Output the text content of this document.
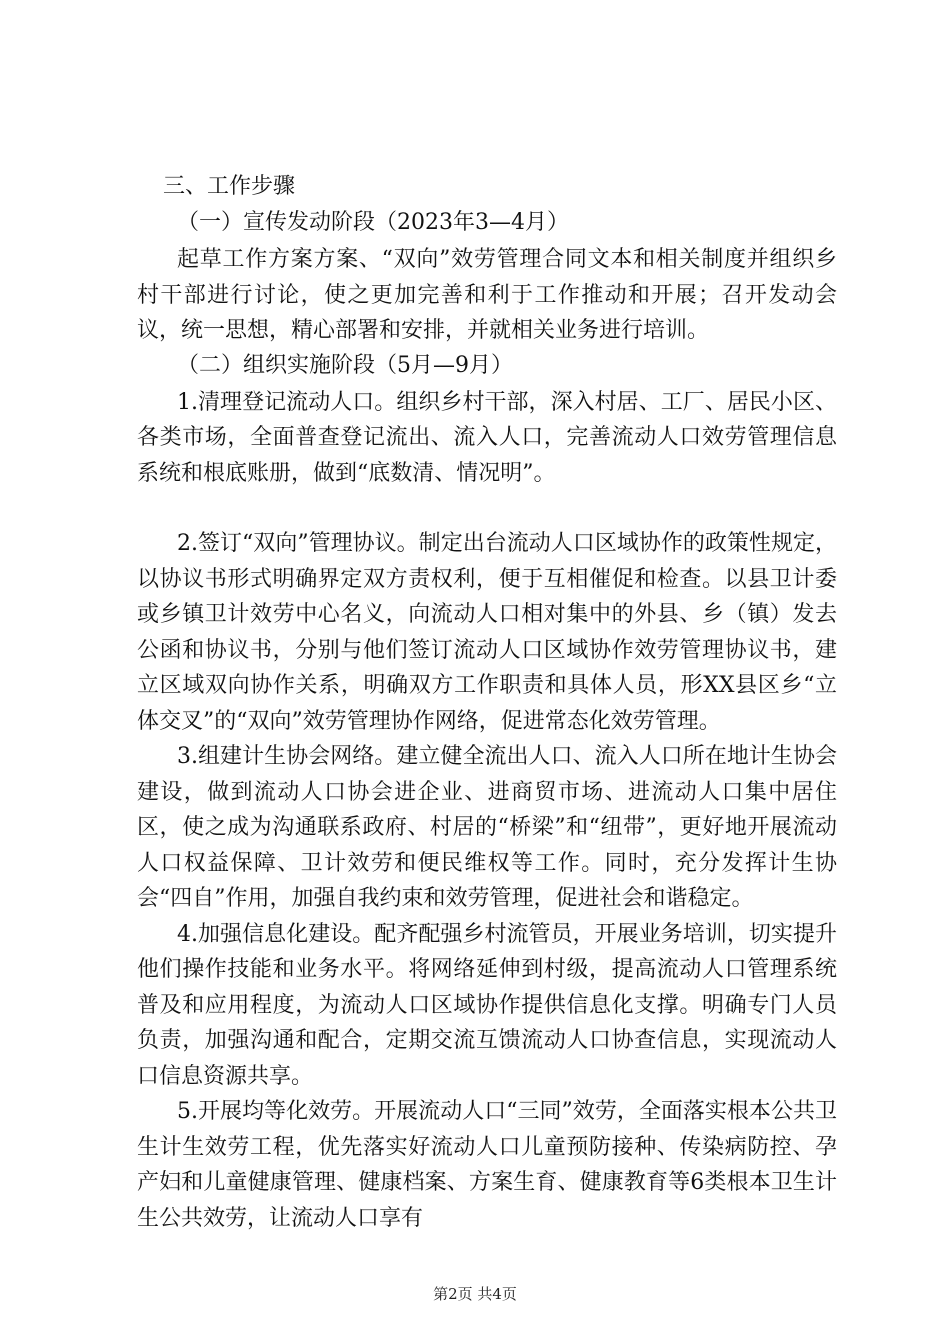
三、工作步骤
（一）宣传发动阶段（2023年3—4月）

起草工作方案方案、“双向”效劳管理合同文本和相关制度并组织乡村干部进行讨论，使之更加完善和利于工作推动和开展；召开发动会议，统一思想，精心部署和安排，并就相关业务进行培训。

（二）组织实施阶段（5月—9月）

1.清理登记流动人口。组织乡村干部，深入村居、工厂、居民小区、各类市场，全面普查登记流出、流入人口，完善流动人口效劳管理信息系统和根底账册，做到“底数清、情况明”。

2.签订“双向”管理协议。制定出台流动人口区域协作的政策性规定，以协议书形式明确界定双方责权利，便于互相催促和检查。以县卫计委或乡镇卫计效劳中心名义，向流动人口相对集中的外县、乡（镇）发去公函和协议书，分别与他们签订流动人口区域协作效劳管理协议书，建立区域双向协作关系，明确双方工作职责和具体人员，形XX县区乡“立体交叉”的“双向”效劳管理协作网络，促进常态化效劳管理。

3.组建计生协会网络。建立健全流出人口、流入人口所在地计生协会建设，做到流动人口协会进企业、进商贸市场、进流动人口集中居住区，使之成为沟通联系政府、村居的“桥梁”和“纽带”，更好地开展流动人口权益保障、卫计效劳和便民维权等工作。同时，充分发挥计生协会“四自”作用，加强自我约束和效劳管理，促进社会和谐稳定。

4.加强信息化建设。配齐配强乡村流管员，开展业务培训，切实提升他们操作技能和业务水平。将网络延伸到村级，提高流动人口管理系统普及和应用程度，为流动人口区域协作提供信息化支撑。明确专门人员负责，加强沟通和配合，定期交流互馈流动人口协查信息，实现流动人口信息资源共享。

5.开展均等化效劳。开展流动人口“三同”效劳，全面落实根本公共卫生计生效劳工程，优先落实好流动人口儿童预防接种、传染病防控、孕产妇和儿童健康管理、健康档案、方案生育、健康教育等6类根本卫生计生公共效劳，让流动人口享有

第2页 共4页
